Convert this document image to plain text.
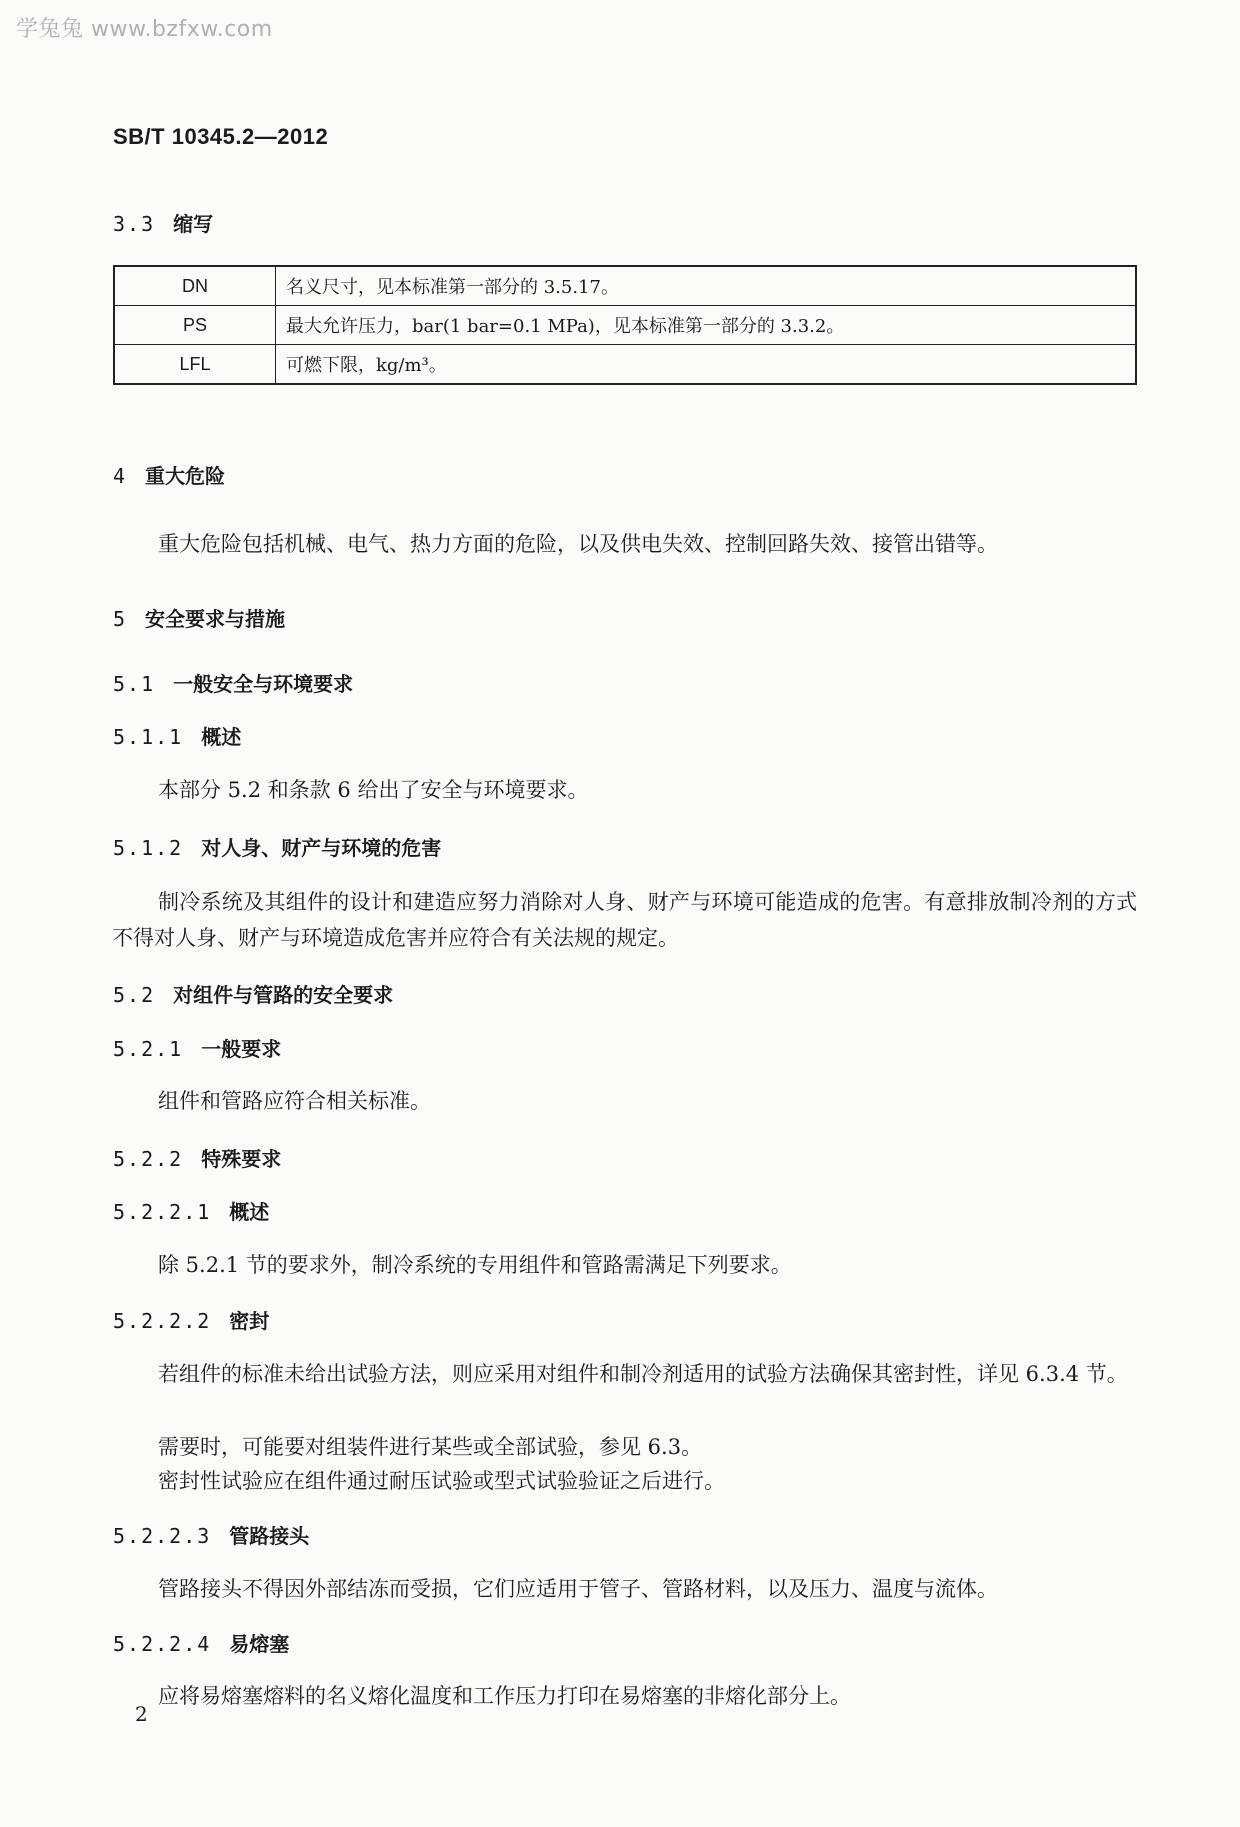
学兔兔 www.bzfxw.com
SB/T 10345.2—2012
3.3 缩写
DN	名义尺寸，见本标准第一部分的 3.5.17。
PS	最大允许压力，bar(1 bar=0.1 MPa)，见本标准第一部分的 3.3.2。
LFL	可燃下限，kg/m³。
4 重大危险
重大危险包括机械、电气、热力方面的危险，以及供电失效、控制回路失效、接管出错等。
5 安全要求与措施
5.1 一般安全与环境要求
5.1.1 概述
本部分 5.2 和条款 6 给出了安全与环境要求。
5.1.2 对人身、财产与环境的危害
制冷系统及其组件的设计和建造应努力消除对人身、财产与环境可能造成的危害。有意排放制冷剂的方式不得对人身、财产与环境造成危害并应符合有关法规的规定。
5.2 对组件与管路的安全要求
5.2.1 一般要求
组件和管路应符合相关标准。
5.2.2 特殊要求
5.2.2.1 概述
除 5.2.1 节的要求外，制冷系统的专用组件和管路需满足下列要求。
5.2.2.2 密封
若组件的标准未给出试验方法，则应采用对组件和制冷剂适用的试验方法确保其密封性，详见 6.3.4 节。
需要时，可能要对组装件进行某些或全部试验，参见 6.3。
密封性试验应在组件通过耐压试验或型式试验验证之后进行。
5.2.2.3 管路接头
管路接头不得因外部结冻而受损，它们应适用于管子、管路材料，以及压力、温度与流体。
5.2.2.4 易熔塞
应将易熔塞熔料的名义熔化温度和工作压力打印在易熔塞的非熔化部分上。
2
